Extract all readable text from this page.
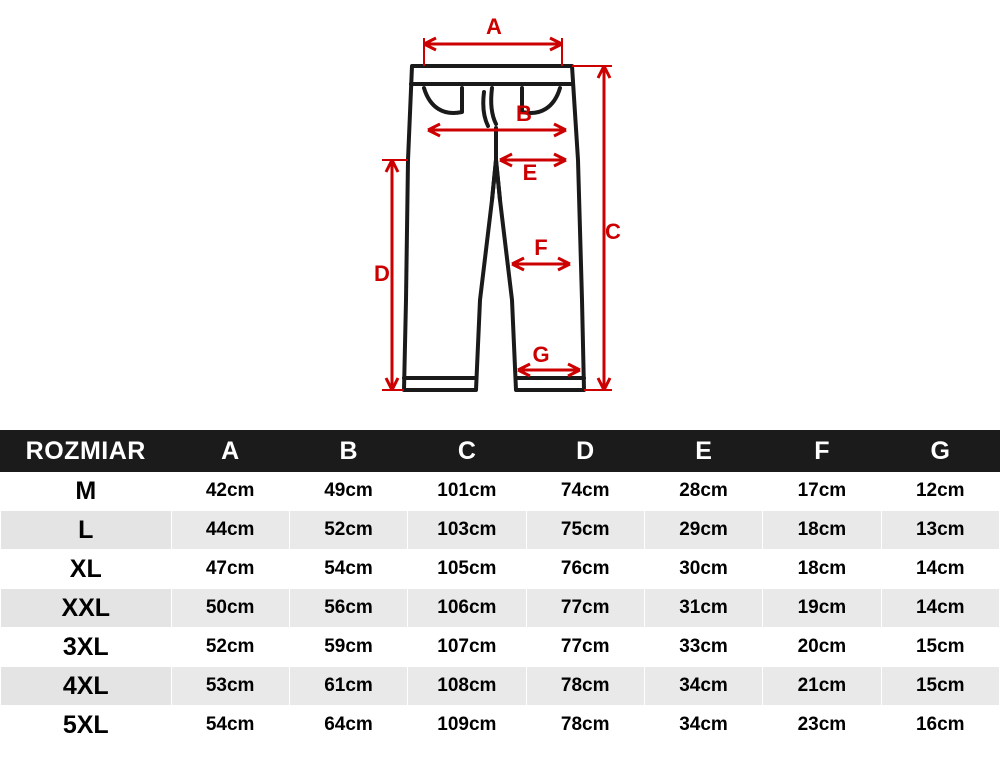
A
B
C
D
E
F
G
ROZMIAR	A	B	C	D	E	F	G
M	42cm	49cm	101cm	74cm	28cm	17cm	12cm
L	44cm	52cm	103cm	75cm	29cm	18cm	13cm
XL	47cm	54cm	105cm	76cm	30cm	18cm	14cm
XXL	50cm	56cm	106cm	77cm	31cm	19cm	14cm
3XL	52cm	59cm	107cm	77cm	33cm	20cm	15cm
4XL	53cm	61cm	108cm	78cm	34cm	21cm	15cm
5XL	54cm	64cm	109cm	78cm	34cm	23cm	16cm
